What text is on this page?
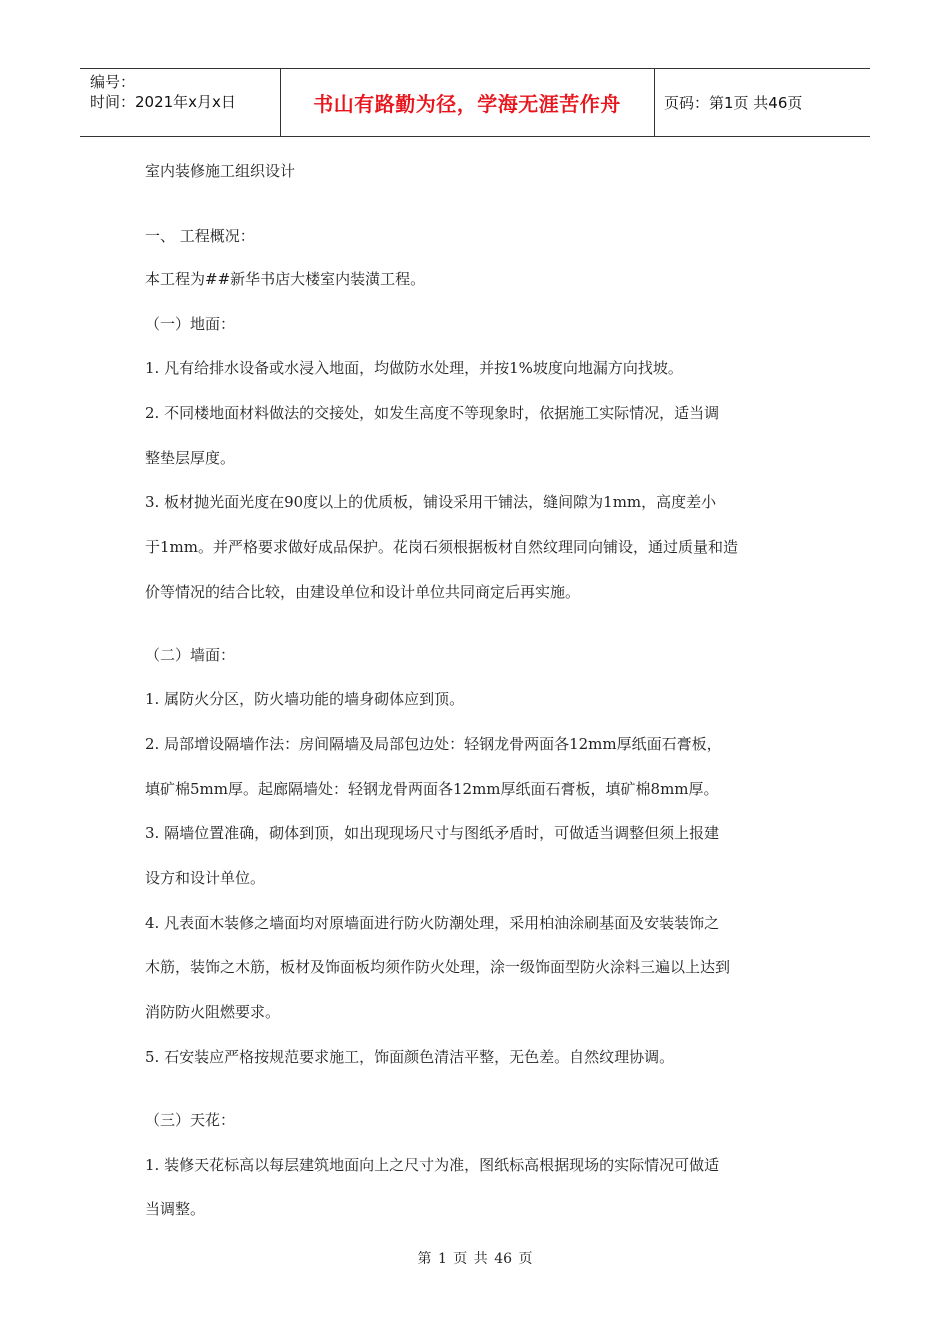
编号：
时间：2021年x月x日	书山有路勤为径，学海无涯苦作舟	页码：第1页 共46页
室内装修施工组织设计
一、 工程概况：
本工程为##新华书店大楼室内装潢工程。
（一）地面：
1. 凡有给排水设备或水浸入地面，均做防水处理，并按1%坡度向地漏方向找坡。
2. 不同楼地面材料做法的交接处，如发生高度不等现象时，依据施工实际情况，适当调
整垫层厚度。
3. 板材抛光面光度在90度以上的优质板，铺设采用干铺法，缝间隙为1mm，高度差小
于1mm。并严格要求做好成品保护。花岗石须根据板材自然纹理同向铺设，通过质量和造
价等情况的结合比较，由建设单位和设计单位共同商定后再实施。
（二）墙面：
1. 属防火分区，防火墙功能的墙身砌体应到顶。
2. 局部增设隔墙作法：房间隔墙及局部包边处：轻钢龙骨两面各12mm厚纸面石膏板，
填矿棉5mm厚。起廊隔墙处：轻钢龙骨两面各12mm厚纸面石膏板，填矿棉8mm厚。
3. 隔墙位置准确，砌体到顶，如出现现场尺寸与图纸矛盾时，可做适当调整但须上报建
设方和设计单位。
4. 凡表面木装修之墙面均对原墙面进行防火防潮处理，采用柏油涂刷基面及安装装饰之
木筋，装饰之木筋，板材及饰面板均须作防火处理，涂一级饰面型防火涂料三遍以上达到
消防防火阻燃要求。
5. 石安装应严格按规范要求施工，饰面颜色清洁平整，无色差。自然纹理协调。
（三）天花：
1. 装修天花标高以每层建筑地面向上之尺寸为准，图纸标高根据现场的实际情况可做适
当调整。
第 1 页 共 46 页
